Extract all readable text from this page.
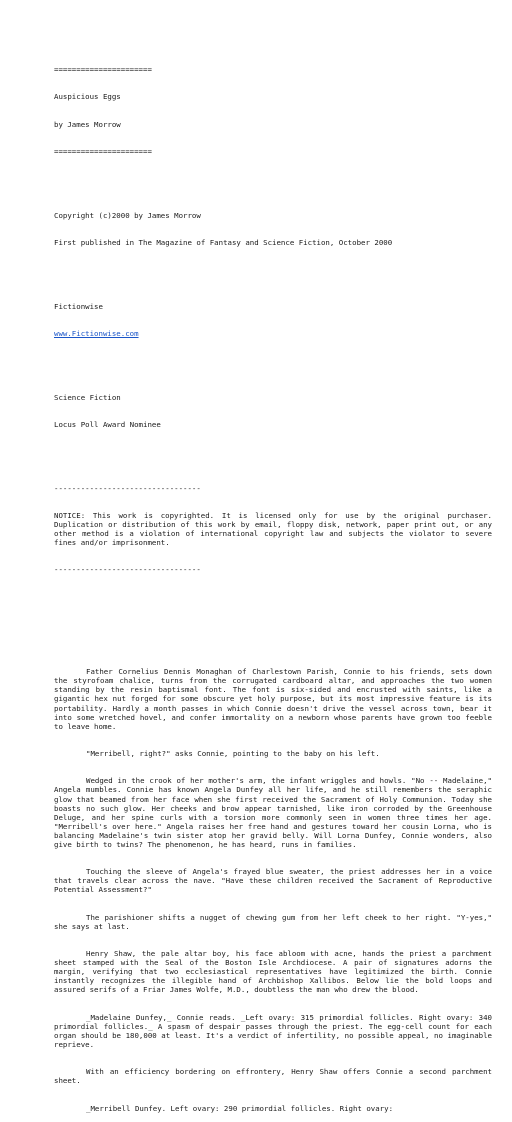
======================

Auspicious Eggs

by James Morrow

======================

Copyright (c)2000 by James Morrow

First published in The Magazine of Fantasy and Science Fiction, October 2000

Fictionwise

www.Fictionwise.com

Science Fiction

Locus Poll Award Nominee

---------------------------------

NOTICE: This work is copyrighted. It is licensed only for use by the original purchaser. Duplication or distribution of this work by email, floppy disk, network, paper print out, or any other method is a violation of international copyright law and subjects the violator to severe fines and/or imprisonment.

---------------------------------

Father Cornelius Dennis Monaghan of Charlestown Parish, Connie to his friends, sets down the styrofoam chalice, turns from the corrugated cardboard altar, and approaches the two women standing by the resin baptismal font. The font is six-sided and encrusted with saints, like a gigantic hex nut forged for some obscure yet holy purpose, but its most impressive feature is its portability. Hardly a month passes in which Connie doesn't drive the vessel across town, bear it into some wretched hovel, and confer immortality on a newborn whose parents have grown too feeble to leave home.

"Merribell, right?" asks Connie, pointing to the baby on his left.

Wedged in the crook of her mother's arm, the infant wriggles and howls. "No -- Madelaine," Angela mumbles. Connie has known Angela Dunfey all her life, and he still remembers the seraphic glow that beamed from her face when she first received the Sacrament of Holy Communion. Today she boasts no such glow. Her cheeks and brow appear tarnished, like iron corroded by the Greenhouse Deluge, and her spine curls with a torsion more commonly seen in women three times her age. "Merribell's over here." Angela raises her free hand and gestures toward her cousin Lorna, who is balancing Madelaine's twin sister atop her gravid belly. Will Lorna Dunfey, Connie wonders, also give birth to twins? The phenomenon, he has heard, runs in families.

Touching the sleeve of Angela's frayed blue sweater, the priest addresses her in a voice that travels clear across the nave. "Have these children received the Sacrament of Reproductive Potential Assessment?"

The parishioner shifts a nugget of chewing gum from her left cheek to her right. "Y-yes," she says at last.

Henry Shaw, the pale altar boy, his face abloom with acne, hands the priest a parchment sheet stamped with the Seal of the Boston Isle Archdiocese. A pair of signatures adorns the margin, verifying that two ecclesiastical representatives have legitimized the birth. Connie instantly recognizes the illegible hand of Archbishop Xallibos. Below lie the bold loops and assured serifs of a Friar James Wolfe, M.D., doubtless the man who drew the blood.

_Madelaine Dunfey,_ Connie reads. _Left ovary: 315 primordial follicles. Right ovary: 340 primordial follicles._ A spasm of despair passes through the priest. The egg-cell count for each organ should be 180,000 at least. It's a verdict of infertility, no possible appeal, no imaginable reprieve.

With an efficiency bordering on effrontery, Henry Shaw offers Connie a second parchment sheet.

_Merribell Dunfey. Left ovary: 290 primordial follicles. Right ovary:
